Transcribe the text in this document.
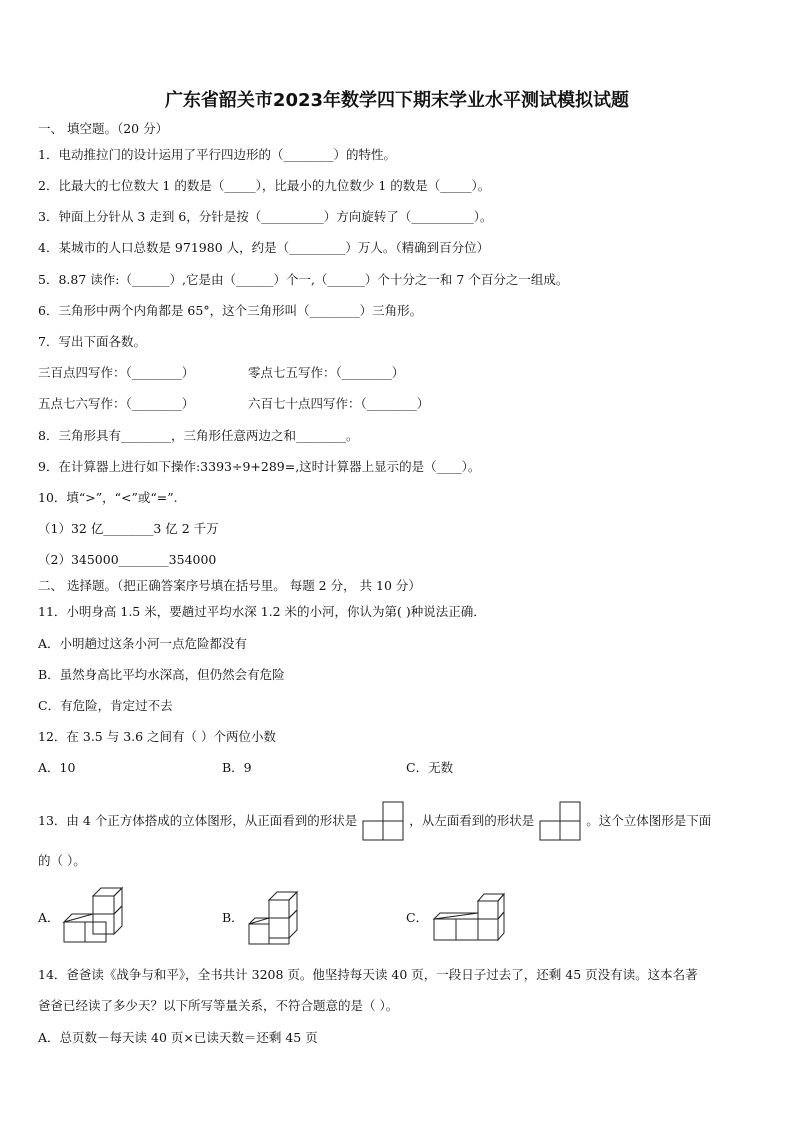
广东省韶关市2023年数学四下期末学业水平测试模拟试题
一、 填空题。（20 分）
1．电动推拉门的设计运用了平行四边形的（________）的特性。
2．比最大的七位数大 1 的数是（_____），比最小的九位数少 1 的数是（_____）。
3．钟面上分针从 3 走到 6，分针是按（__________）方向旋转了（__________）。
4．某城市的人口总数是 971980 人，约是（_________）万人。（精确到百分位）
5．8.87 读作:（______）,它是由（______）个一,（______）个十分之一和 7 个百分之一组成。
6．三角形中两个内角都是 65°，这个三角形叫（________）三角形。
7．写出下面各数。
三百点四写作：（________）	零点七五写作：（________）
五点七六写作：（________）	六百七十点四写作：（________）
8．三角形具有________，三角形任意两边之和________。
9．在计算器上进行如下操作:3393÷9+289=,这时计算器上显示的是（____）。
10．填“>”，“<”或“=”.
（1）32 亿________3 亿 2 千万
（2）345000________354000
二、 选择题。（把正确答案序号填在括号里。 每题 2 分， 共 10 分）
11．小明身高 1.5 米，要趟过平均水深 1.2 米的小河，你认为第( )种说法正确．
A．小明趟过这条小河一点危险都没有
B．虽然身高比平均水深高，但仍然会有危险
C．有危险，肯定过不去
12．在 3.5 与 3.6 之间有（ ）个两位小数
A．10	B．9	C．无数
13．由 4 个正方体搭成的立体图形，从正面看到的形状是	，从左面看到的形状是	。这个立体图形是下面
的（ ）。
A．	B．	C．
14．爸爸读《战争与和平》，全书共计 3208 页。他坚持每天读 40 页，一段日子过去了，还剩 45 页没有读。这本名著
爸爸已经读了多少天？以下所写等量关系，不符合题意的是（ ）。
A．总页数－每天读 40 页×已读天数＝还剩 45 页
